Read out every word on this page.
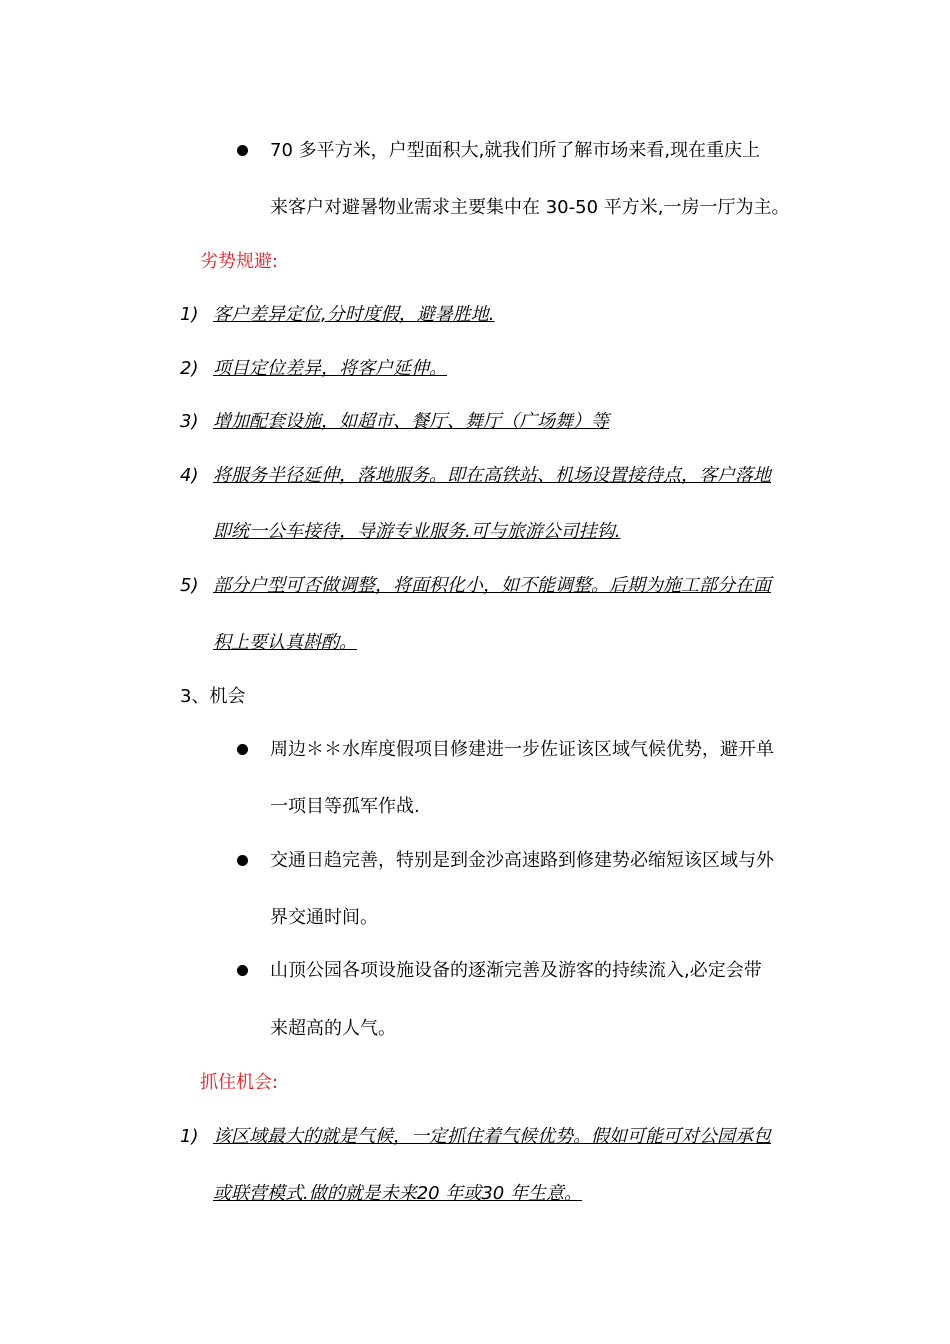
70 多平方米，户型面积大,就我们所了解市场来看,现在重庆上
来客户对避暑物业需求主要集中在 30-50 平方米,一房一厅为主。
劣势规避:
1) 客户差异定位,分时度假，避暑胜地.
2) 项目定位差异，将客户延伸。
3) 增加配套设施，如超市、餐厅、舞厅（广场舞）等
4) 将服务半径延伸，落地服务。即在高铁站、机场设置接待点，客户落地
即统一公车接待，导游专业服务.可与旅游公司挂钩.
5) 部分户型可否做调整，将面积化小，如不能调整。后期为施工部分在面
积上要认真斟酌。
3、机会
周边＊＊水库度假项目修建进一步佐证该区域气候优势，避开单
一项目等孤军作战.
交通日趋完善，特别是到金沙高速路到修建势必缩短该区域与外
界交通时间。
山顶公园各项设施设备的逐渐完善及游客的持续流入,必定会带
来超高的人气。
抓住机会:
1) 该区域最大的就是气候，一定抓住着气候优势。假如可能可对公园承包
或联营模式.做的就是未来20 年或30 年生意。
